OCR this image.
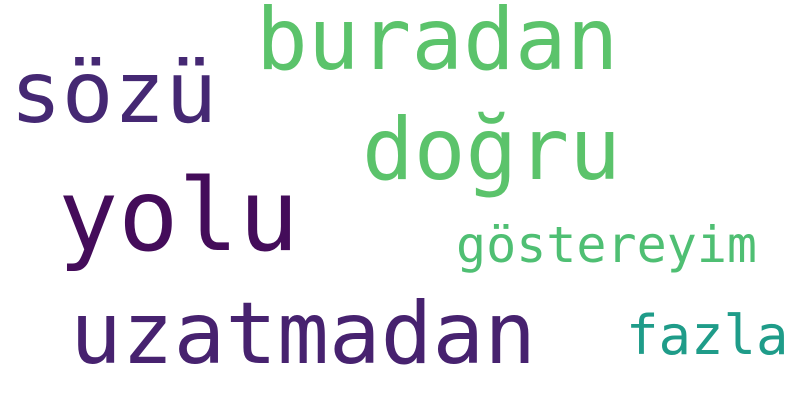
buradan
sözü
doğru
yolu	göstereyim
uzatmadan fazla
